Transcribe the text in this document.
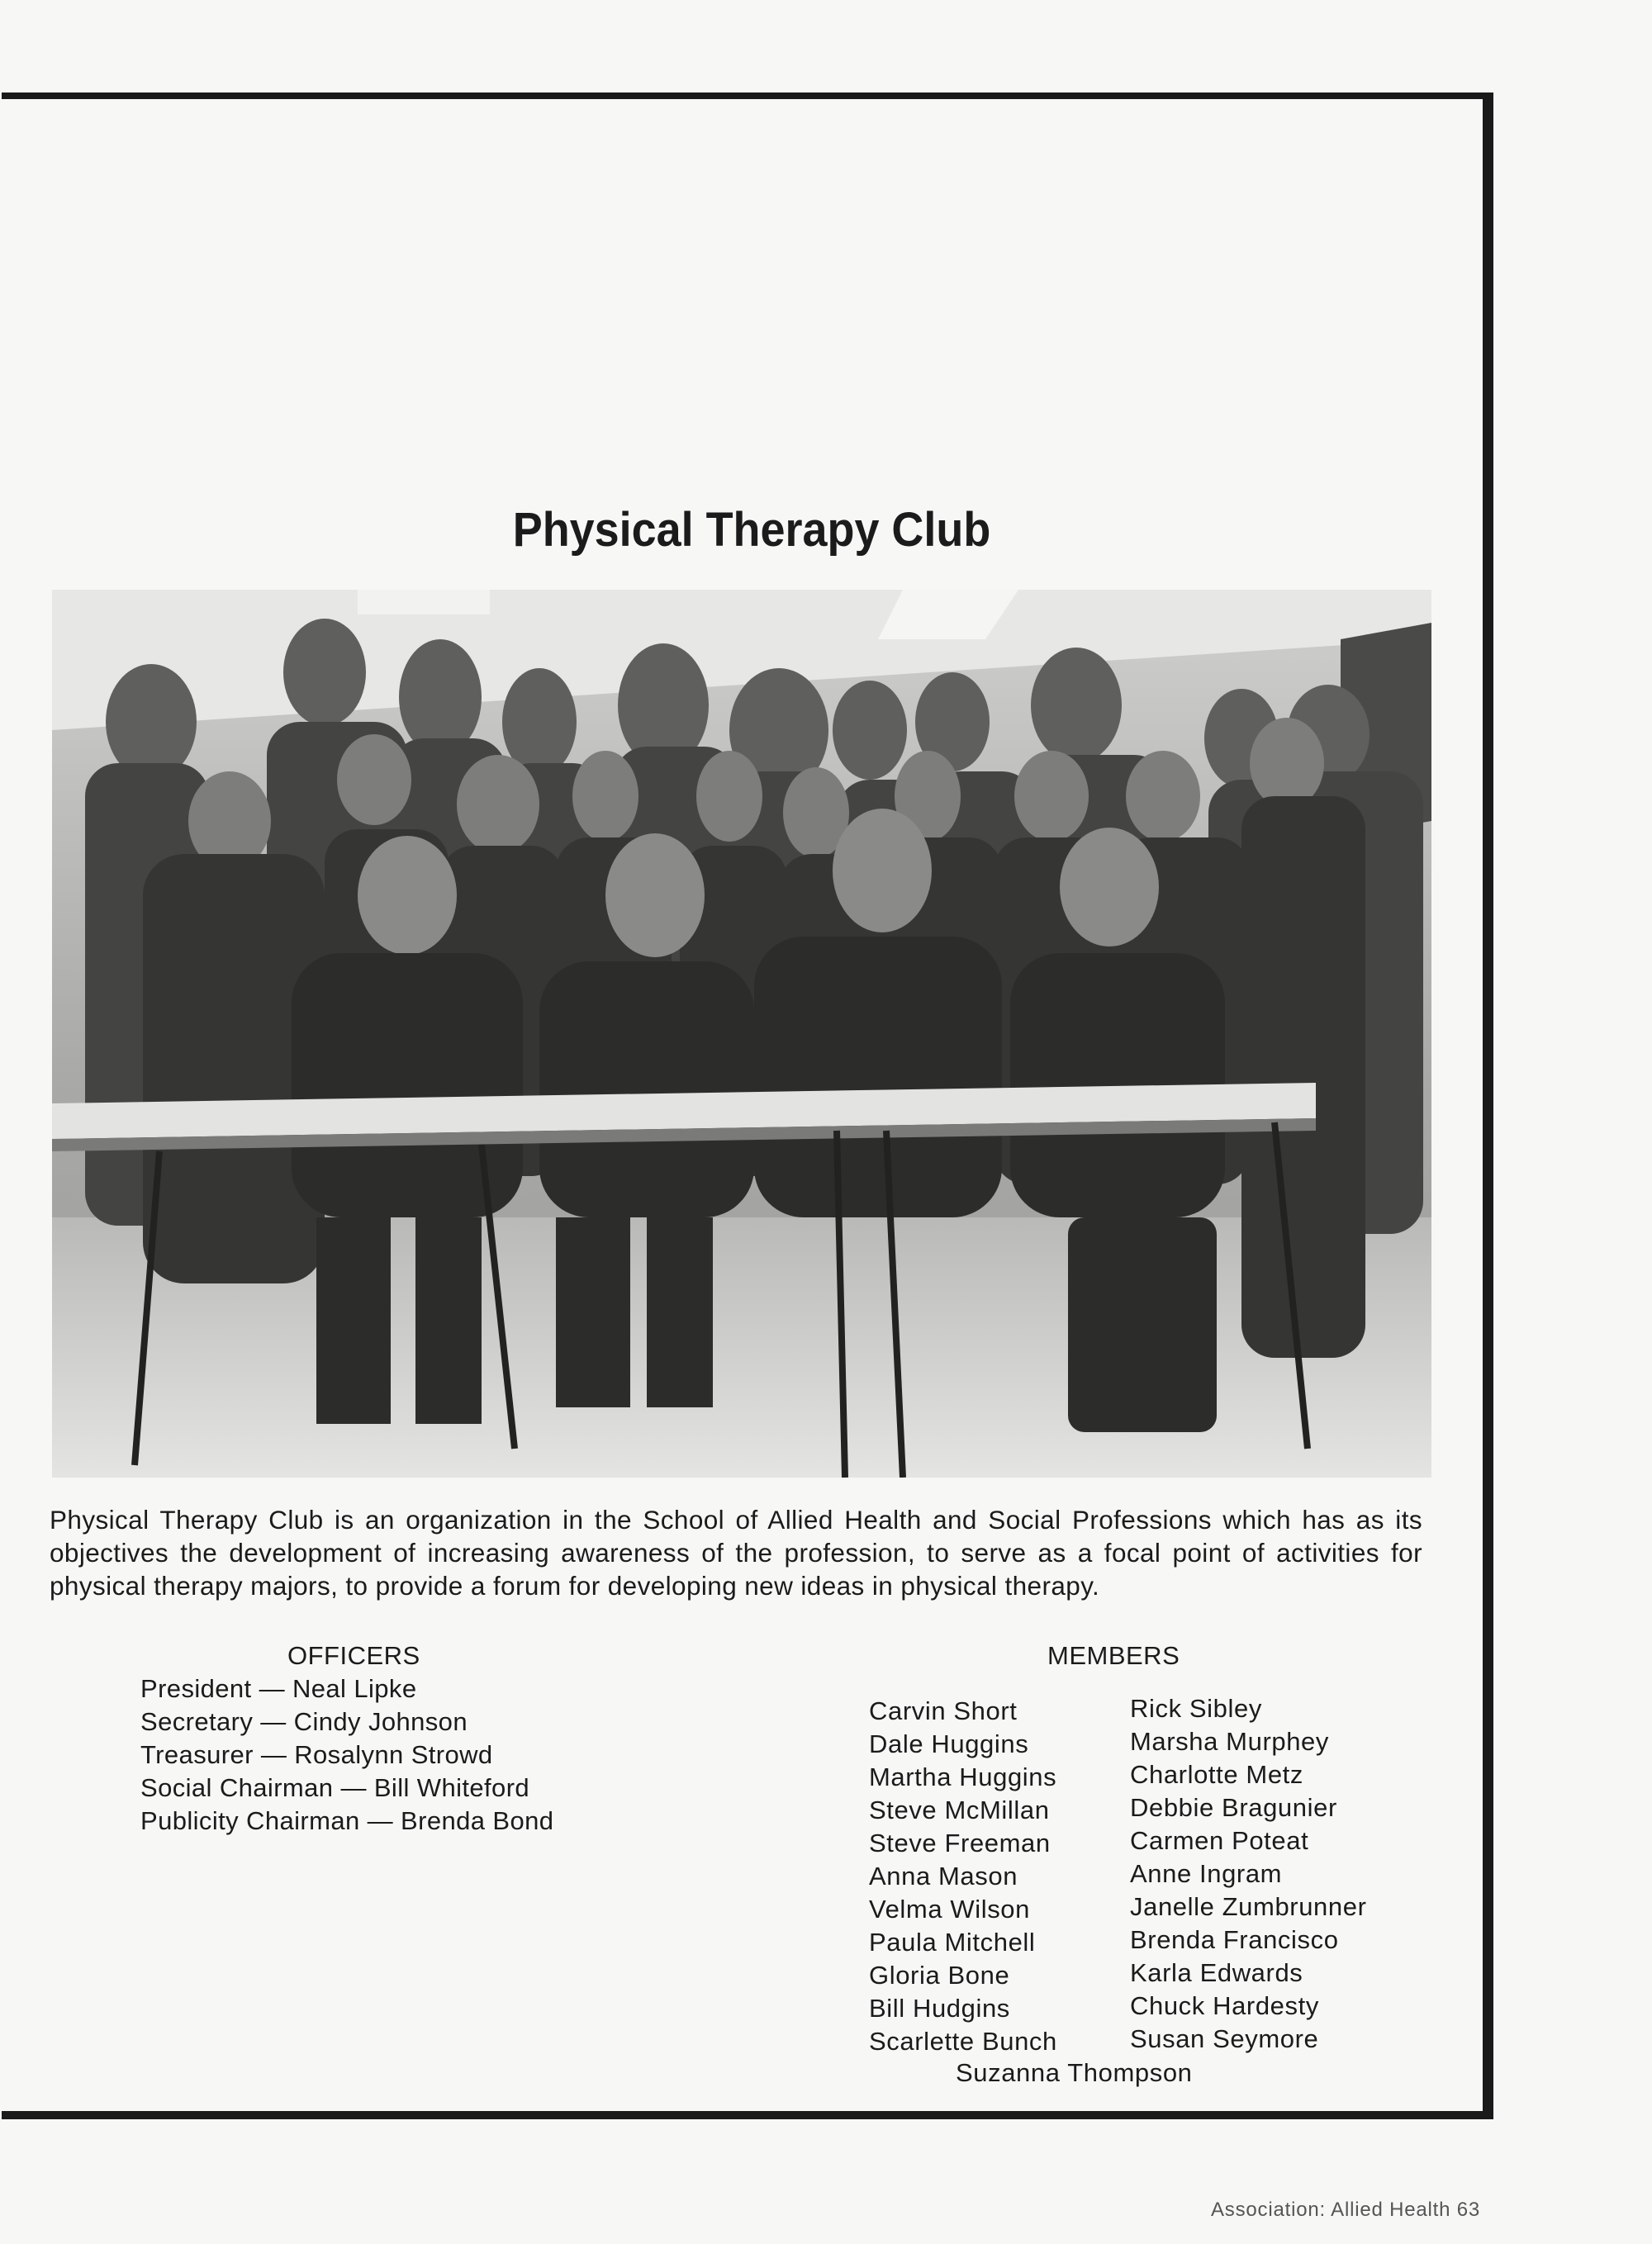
Physical Therapy Club
Physical Therapy Club is an organization in the School of Allied Health and Social Professions which has as its objectives the development of increasing awareness of the profession, to serve as a focal point of activities for physical therapy majors, to provide a forum for developing new ideas in physical therapy.
OFFICERS
President — Neal Lipke
Secretary — Cindy Johnson
Treasurer — Rosalynn Strowd
Social Chairman — Bill Whiteford
Publicity Chairman — Brenda Bond
MEMBERS
Carvin Short
Dale Huggins
Martha Huggins
Steve McMillan
Steve Freeman
Anna Mason
Velma Wilson
Paula Mitchell
Gloria Bone
Bill Hudgins
Scarlette Bunch
Rick Sibley
Marsha Murphey
Charlotte Metz
Debbie Bragunier
Carmen Poteat
Anne Ingram
Janelle Zumbrunner
Brenda Francisco
Karla Edwards
Chuck Hardesty
Susan Seymore
Suzanna Thompson
Association: Allied Health 63
